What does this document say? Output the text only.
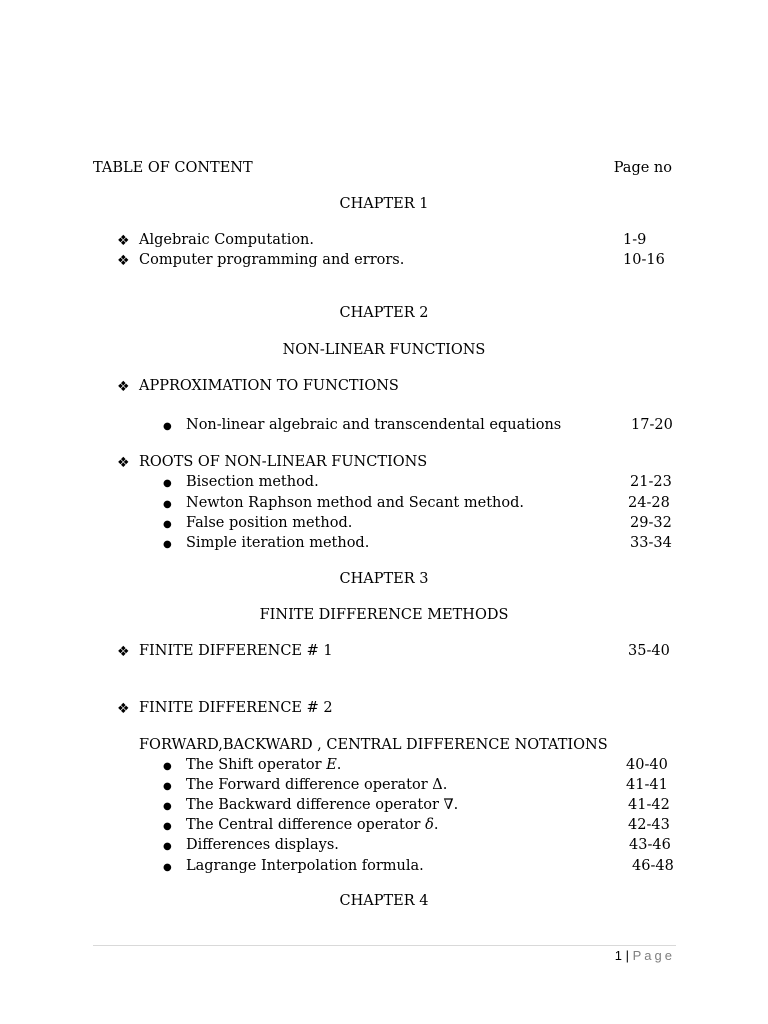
TABLE OF CONTENT	Page no
CHAPTER 1
❖ Algebraic Computation.	1-9
❖ Computer programming and errors.	10-16
CHAPTER 2
NON-LINEAR FUNCTIONS
❖ APPROXIMATION TO FUNCTIONS
● Non-linear algebraic and transcendental equations	17-20
❖ ROOTS OF NON-LINEAR FUNCTIONS
● Bisection method.	21-23
● Newton Raphson method and Secant method.	24-28
● False position method.	29-32
● Simple iteration method.	33-34
CHAPTER 3
FINITE DIFFERENCE METHODS
❖ FINITE DIFFERENCE # 1	35-40
❖ FINITE DIFFERENCE # 2
FORWARD,BACKWARD , CENTRAL DIFFERENCE NOTATIONS
● The Shift operator E.	40-40
● The Forward difference operator Δ.	41-41
● The Backward difference operator ∇.	41-42
● The Central difference operator δ.	42-43
● Differences displays.	43-46
● Lagrange Interpolation formula.	46-48
CHAPTER 4
1 | Page
